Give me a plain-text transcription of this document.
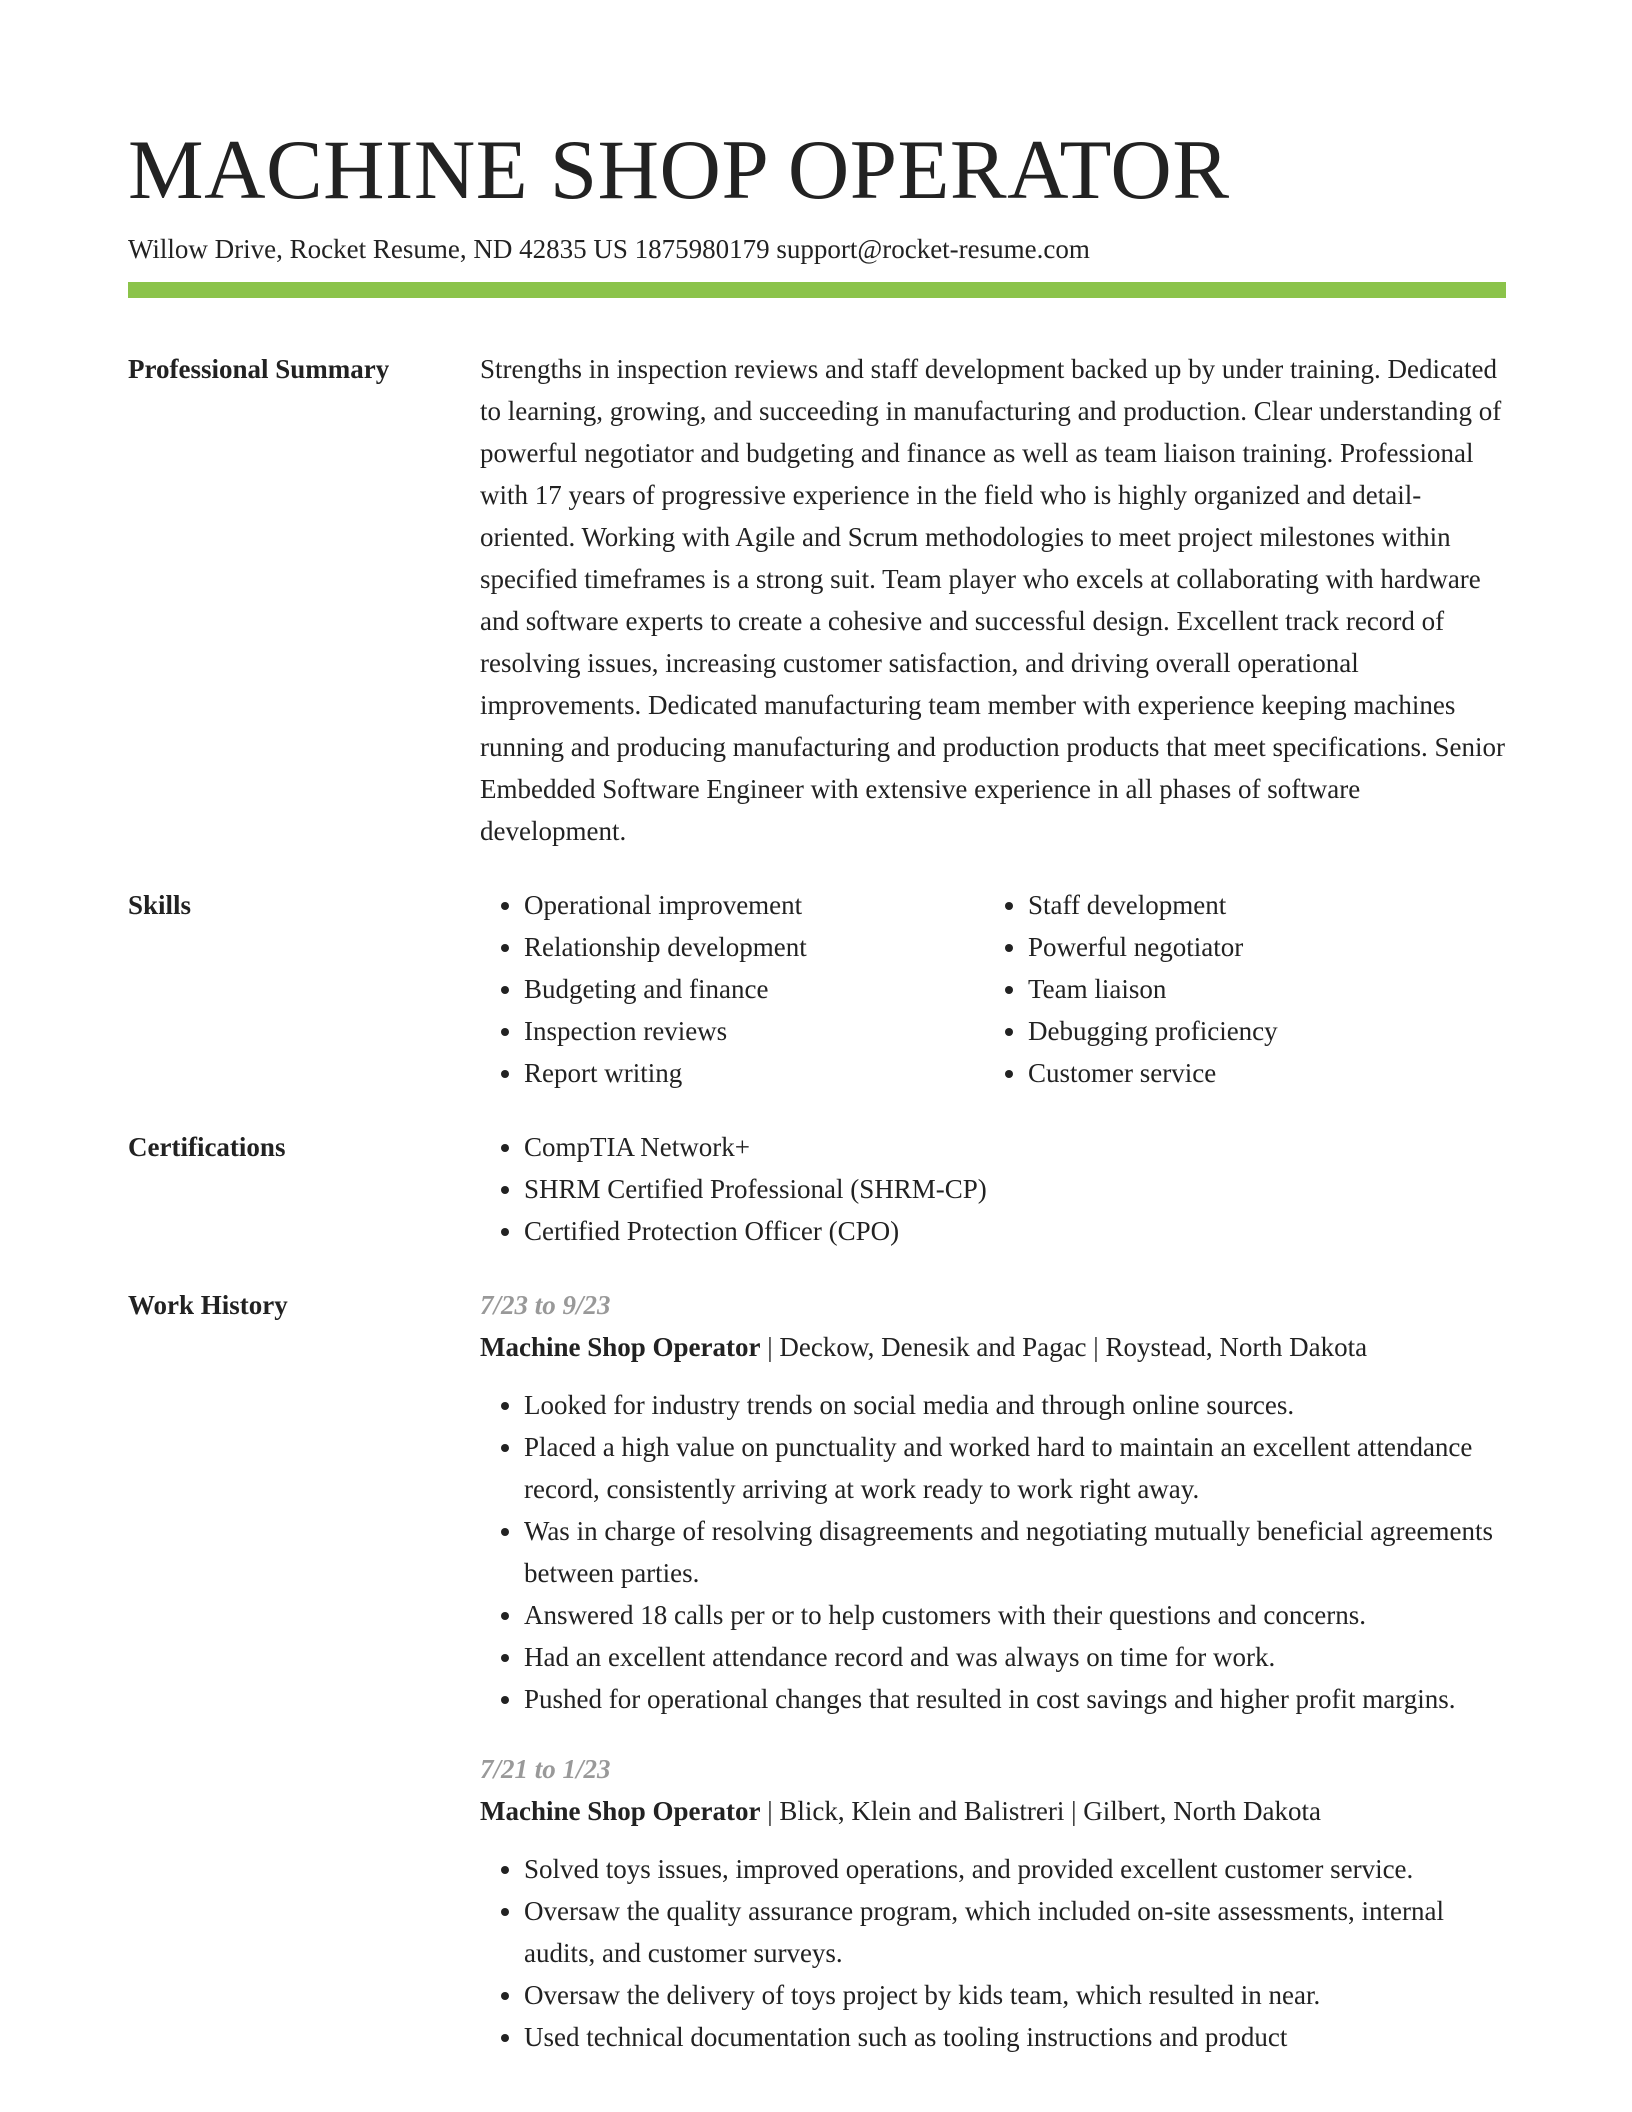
MACHINE SHOP OPERATOR
Willow Drive, Rocket Resume, ND 42835 US 1875980179 support@rocket-resume.com
Professional Summary	Strengths in inspection reviews and staff development backed up by under training. Dedicated to learning, growing, and succeeding in manufacturing and production. Clear understanding of powerful negotiator and budgeting and finance as well as team liaison training. Professional with 17 years of progressive experience in the field who is highly organized and detail-oriented. Working with Agile and Scrum methodologies to meet project milestones within specified timeframes is a strong suit. Team player who excels at collaborating with hardware and software experts to create a cohesive and successful design. Excellent track record of resolving issues, increasing customer satisfaction, and driving overall operational improvements. Dedicated manufacturing team member with experience keeping machines running and producing manufacturing and production products that meet specifications. Senior Embedded Software Engineer with extensive experience in all phases of software development.

Skills	• Operational improvement
• Relationship development
• Budgeting and finance
• Inspection reviews
• Report writing
• Staff development
• Powerful negotiator
• Team liaison
• Debugging proficiency
• Customer service
Certifications	• CompTIA Network+
• SHRM Certified Professional (SHRM-CP)
• Certified Protection Officer (CPO)
Work History	7/23 to 9/23
Machine Shop Operator | Deckow, Denesik and Pagac | Roystead, North Dakota
• Looked for industry trends on social media and through online sources.
• Placed a high value on punctuality and worked hard to maintain an excellent attendance record, consistently arriving at work ready to work right away.
• Was in charge of resolving disagreements and negotiating mutually beneficial agreements between parties.
• Answered 18 calls per or to help customers with their questions and concerns.
• Had an excellent attendance record and was always on time for work.
• Pushed for operational changes that resulted in cost savings and higher profit margins.
7/21 to 1/23
Machine Shop Operator | Blick, Klein and Balistreri | Gilbert, North Dakota
• Solved toys issues, improved operations, and provided excellent customer service.
• Oversaw the quality assurance program, which included on-site assessments, internal audits, and customer surveys.
• Oversaw the delivery of toys project by kids team, which resulted in near.
• Used technical documentation such as tooling instructions and product
